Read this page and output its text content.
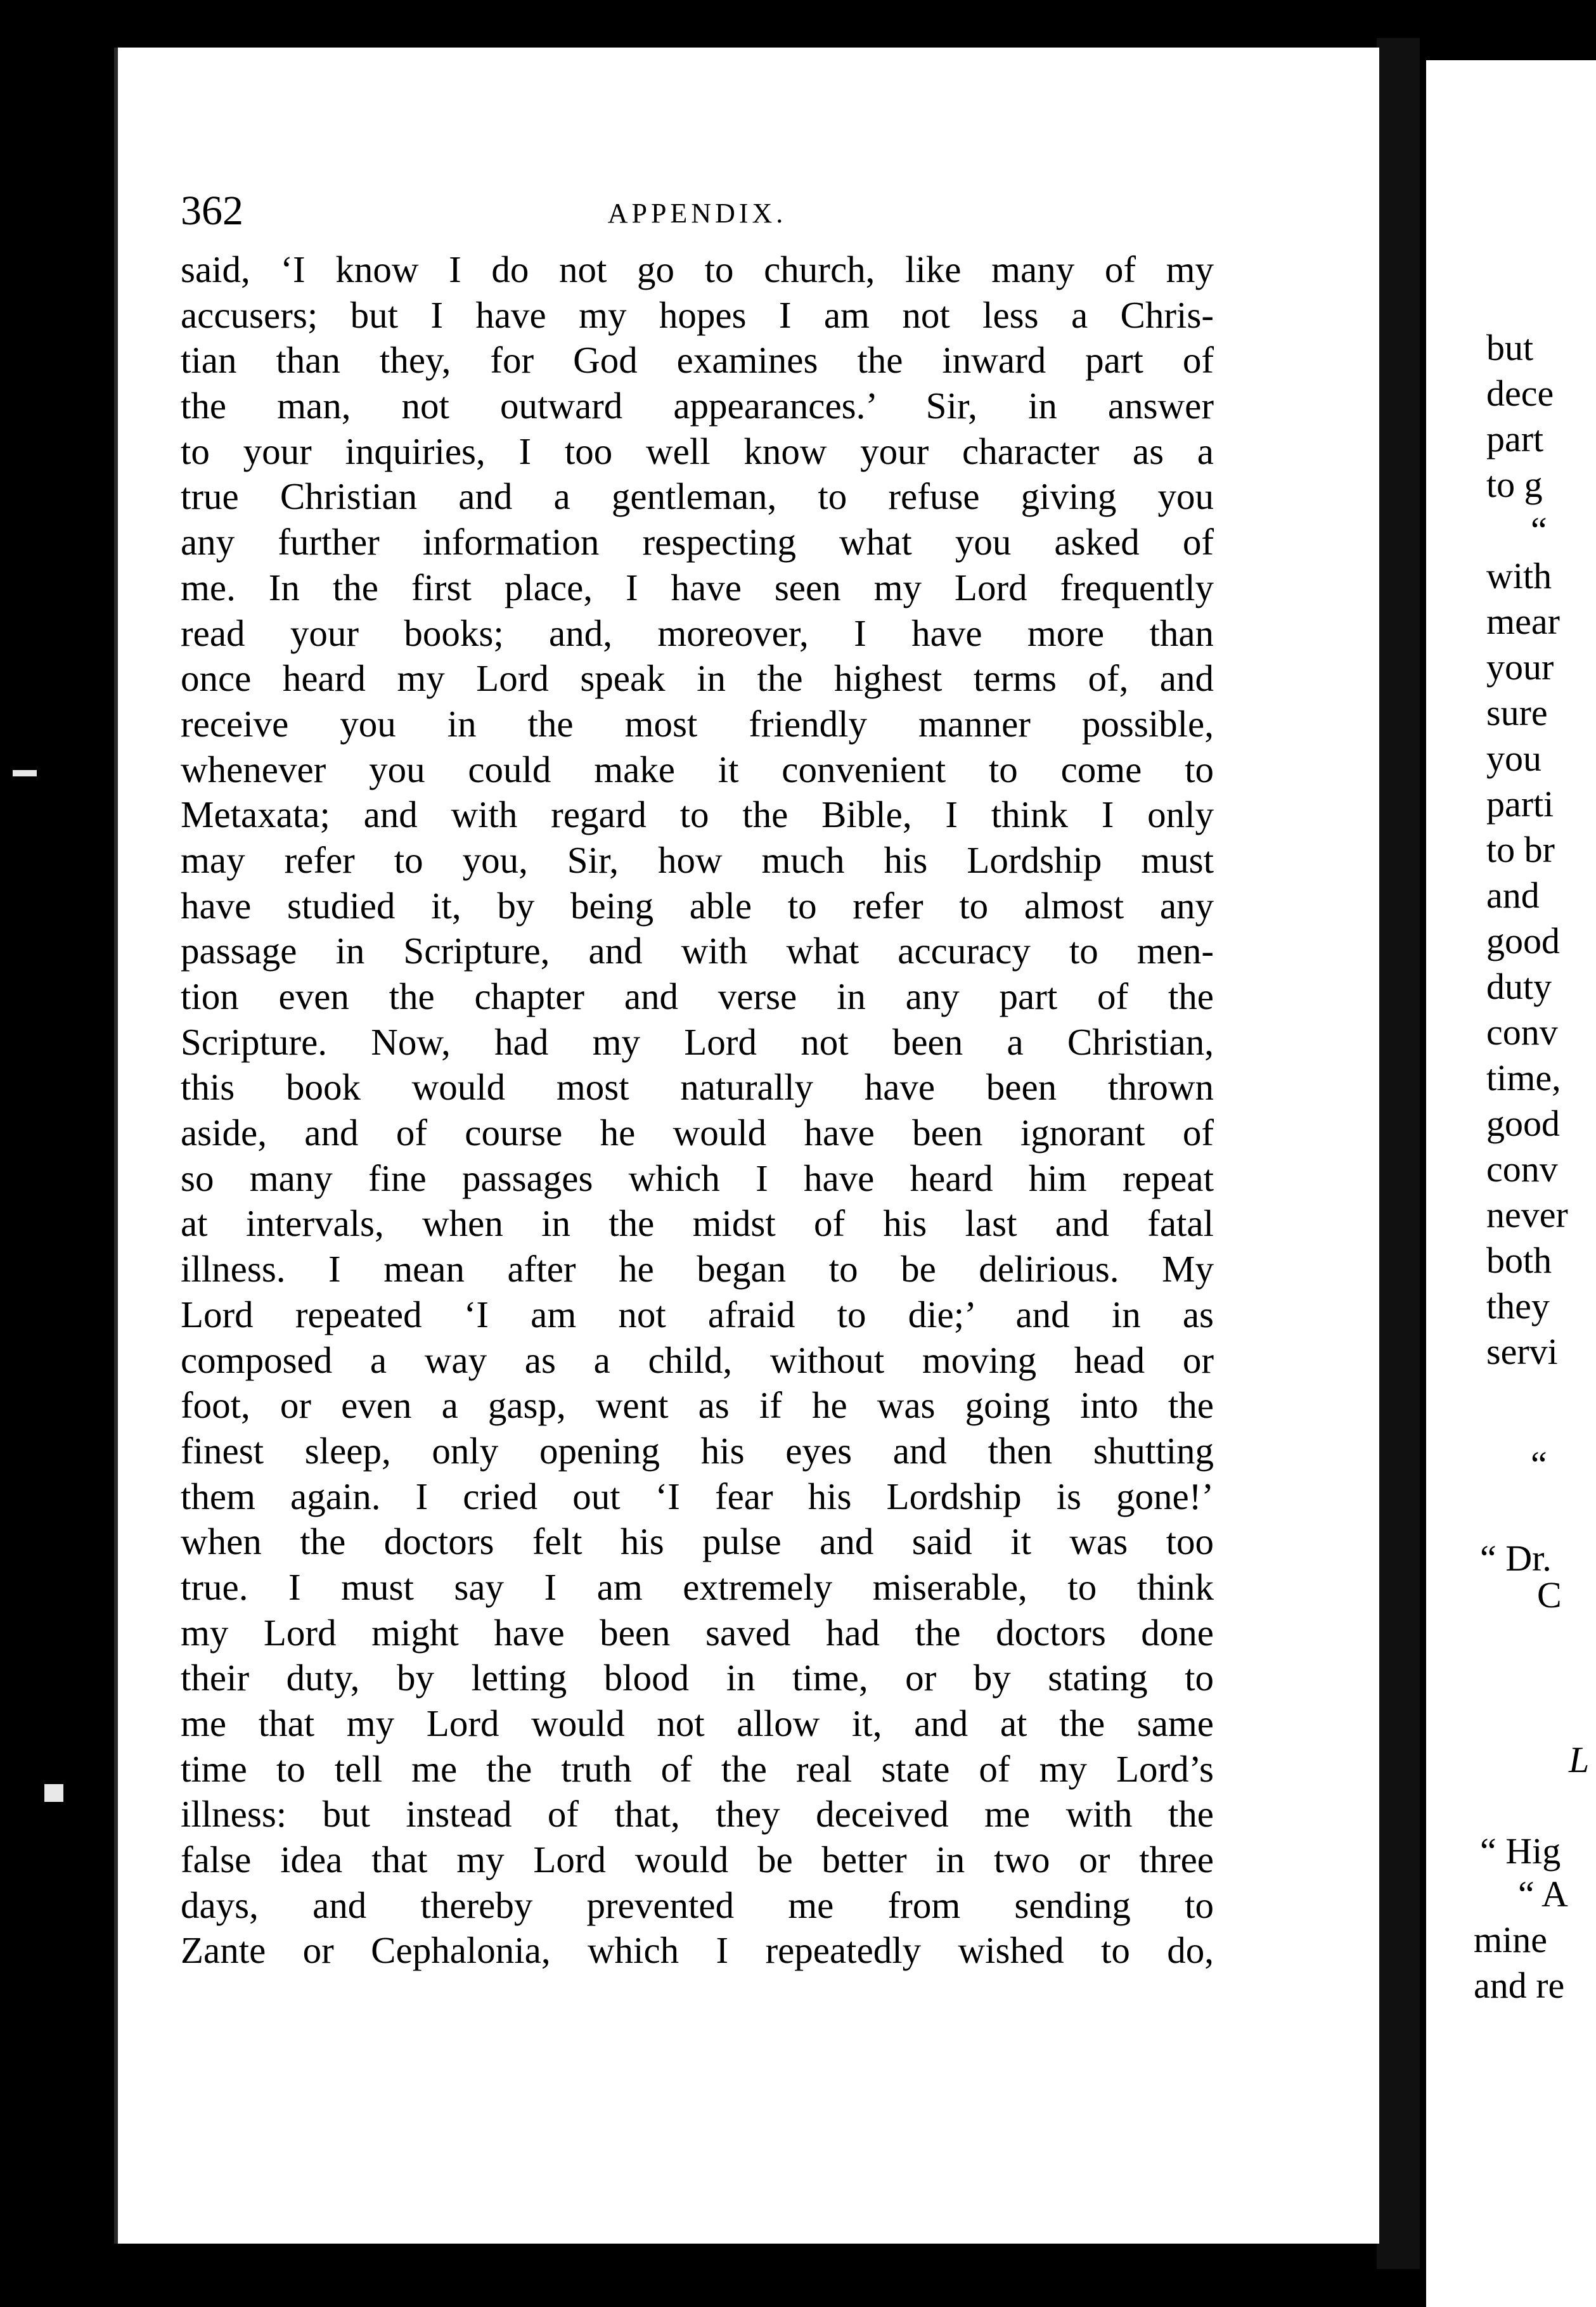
362	APPENDIX.
said, ‘I know I do not go to church, like many of my
accusers; but I have my hopes I am not less a Chris-
tian than they, for God examines the inward part of
the man, not outward appearances.’ Sir, in answer
to your inquiries, I too well know your character as a
true Christian and a gentleman, to refuse giving you
any further information respecting what you asked of
me. In the first place, I have seen my Lord frequently
read your books; and, moreover, I have more than
once heard my Lord speak in the highest terms of, and
receive you in the most friendly manner possible,
whenever you could make it convenient to come to
Metaxata; and with regard to the Bible, I think I only
may refer to you, Sir, how much his Lordship must
have studied it, by being able to refer to almost any
passage in Scripture, and with what accuracy to men-
tion even the chapter and verse in any part of the
Scripture. Now, had my Lord not been a Christian,
this book would most naturally have been thrown
aside, and of course he would have been ignorant of
so many fine passages which I have heard him repeat
at intervals, when in the midst of his last and fatal
illness. I mean after he began to be delirious. My
Lord repeated ‘I am not afraid to die;’ and in as
composed a way as a child, without moving head or
foot, or even a gasp, went as if he was going into the
finest sleep, only opening his eyes and then shutting
them again. I cried out ‘I fear his Lordship is gone!’
when the doctors felt his pulse and said it was too
true. I must say I am extremely miserable, to think
my Lord might have been saved had the doctors done
their duty, by letting blood in time, or by stating to
me that my Lord would not allow it, and at the same
time to tell me the truth of the real state of my Lord’s
illness: but instead of that, they deceived me with the
false idea that my Lord would be better in two or three
days, and thereby prevented me from sending to
Zante or Cephalonia, which I repeatedly wished to do,
but
dece
part
to g
“
with
mear
your
sure
you
parti
to br
and
good
duty
conv
time,
good
conv
never
both
they
servi
“
“ Dr.
C
L
“ Hig
“ A
mine
and re
